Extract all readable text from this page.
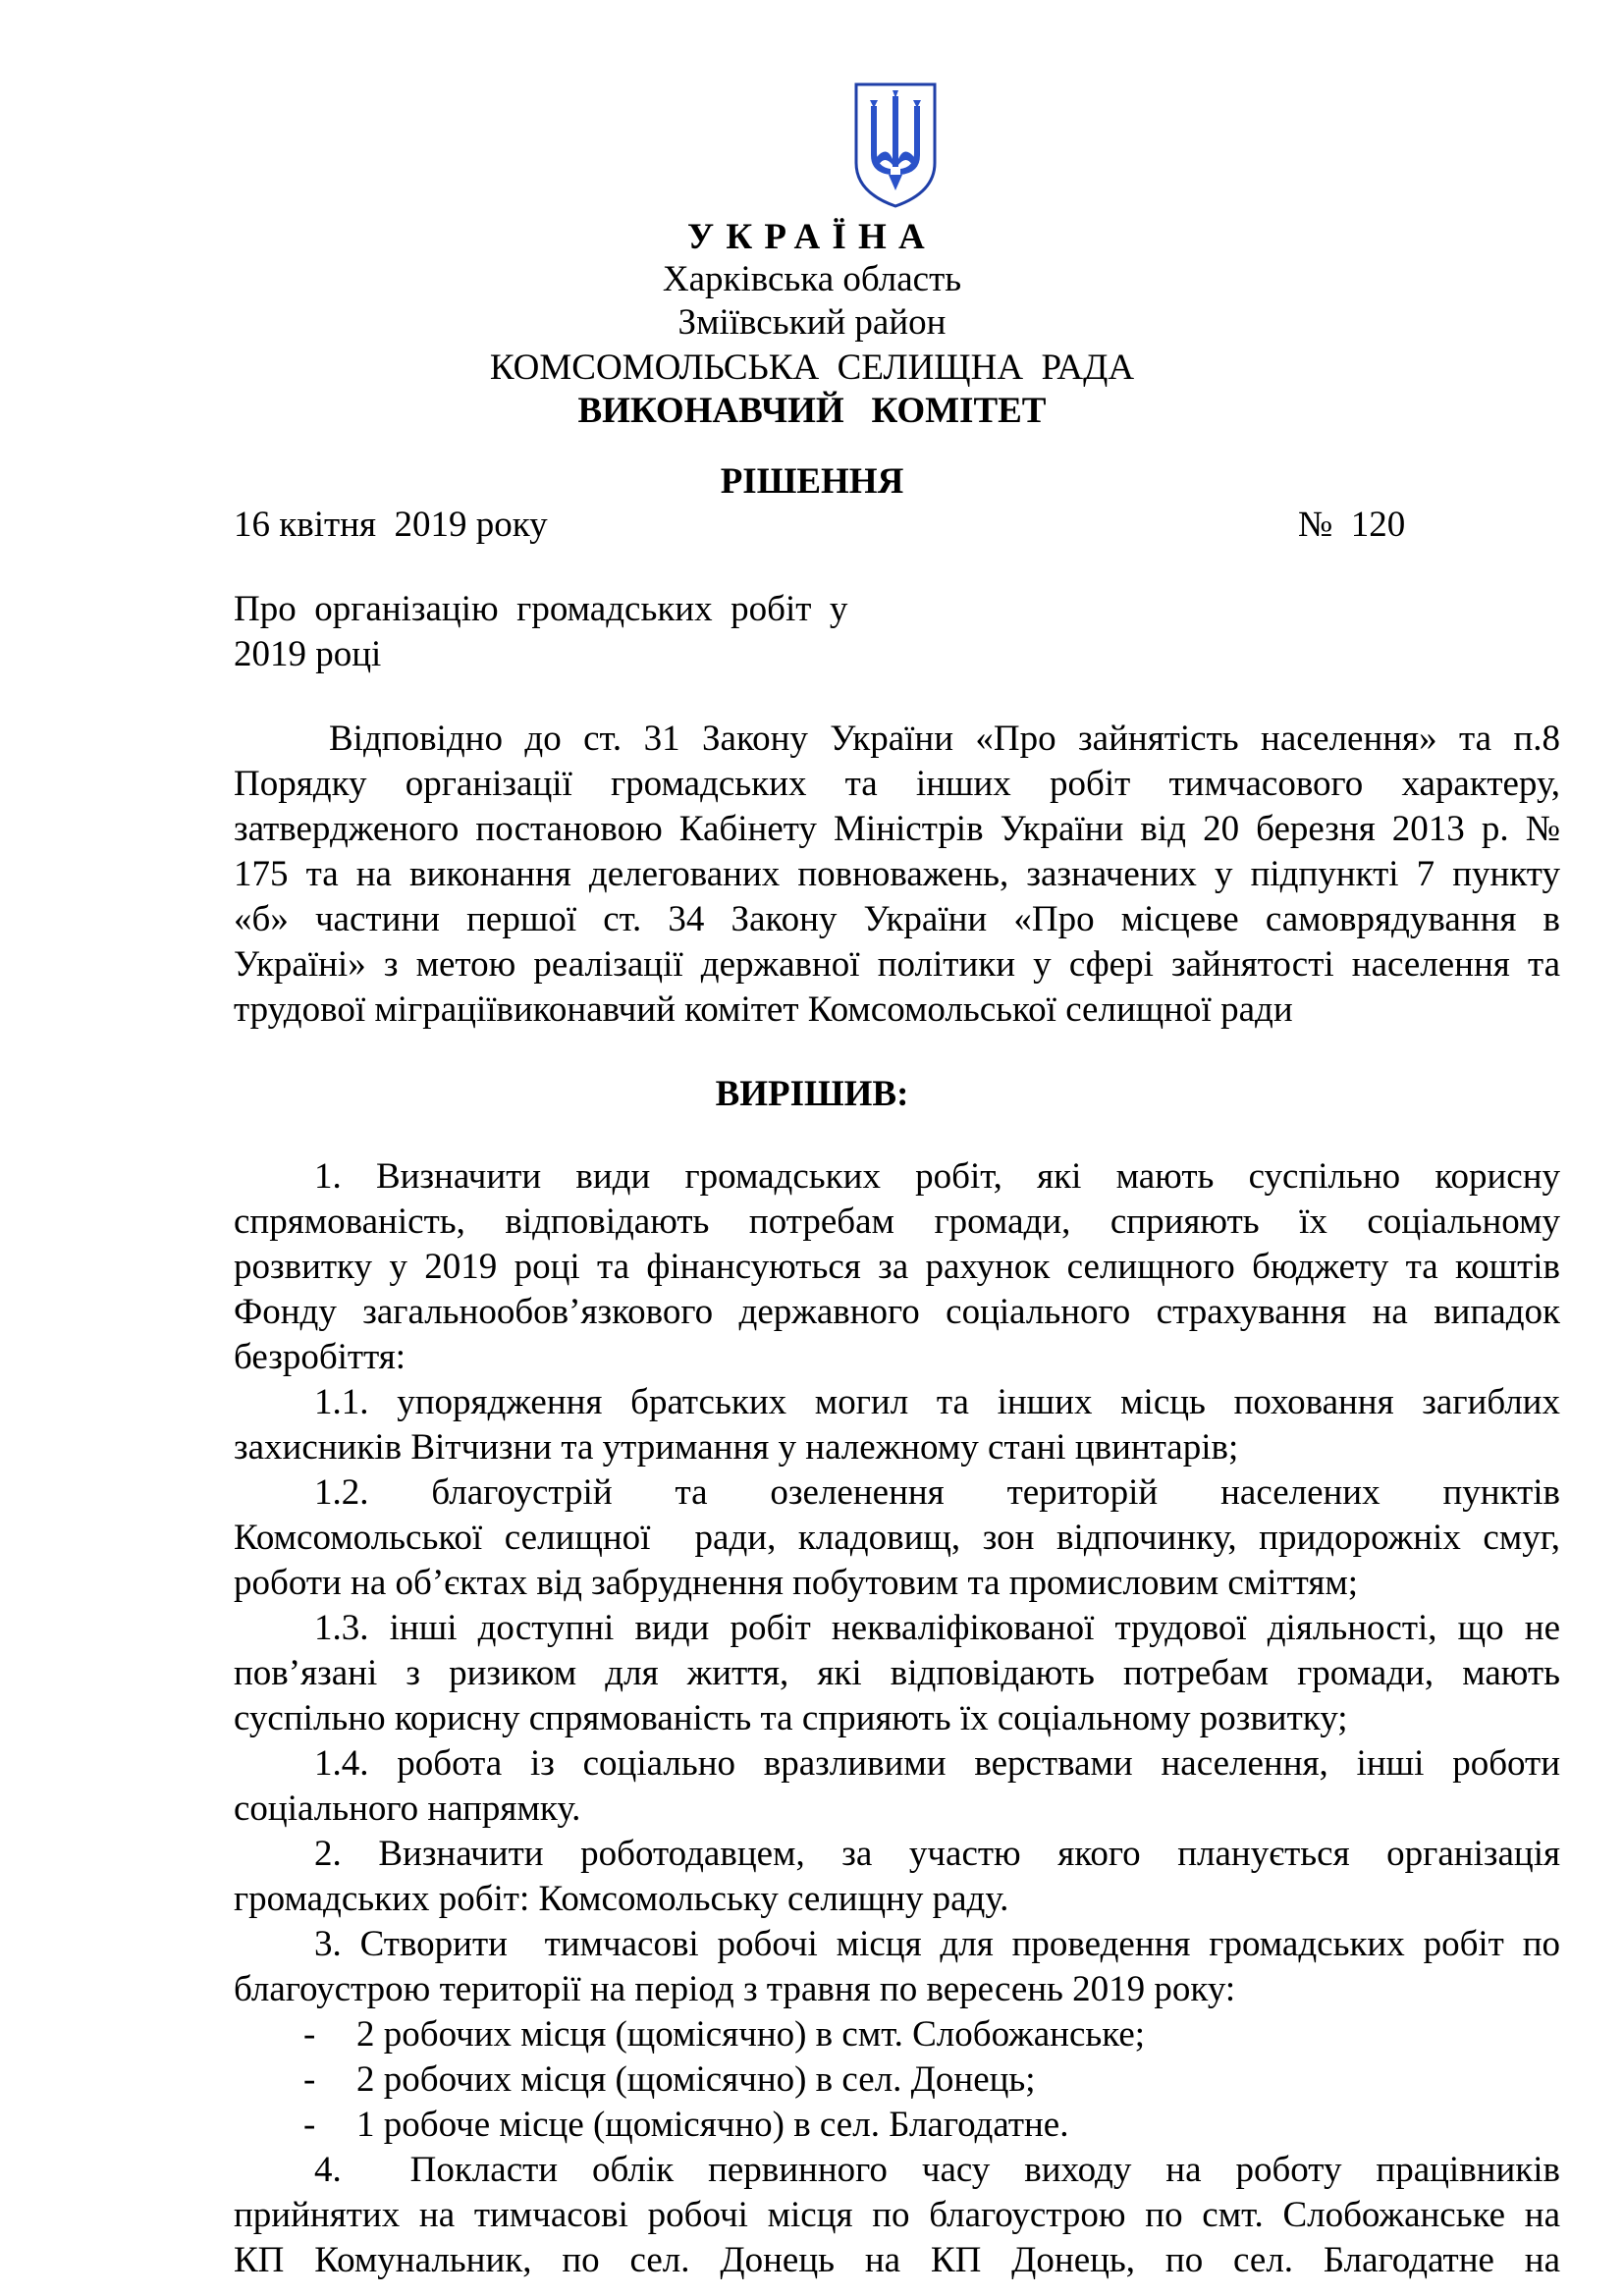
УКРАЇНА
Харківська область
Зміївський район
КОМСОМОЛЬСЬКА  СЕЛИЩНА  РАДА
ВИКОНАВЧИЙ   КОМІТЕТ
РІШЕННЯ
16 квітня  2019 року	№  120
Про  організацію  громадських  робіт  у
2019 році
Відповідно до ст. 31 Закону України «Про зайнятість населення» та п.8
Порядку організації громадських та інших робіт тимчасового характеру,
затвердженого постановою Кабінету Міністрів України від 20 березня 2013 р. №
175 та на виконання делегованих повноважень, зазначених у підпункті 7 пункту
«б» частини першої ст. 34 Закону України «Про місцеве самоврядування в
Україні» з метою реалізації державної політики у сфері зайнятості населення та
трудової міграціївиконавчий комітет Комсомольської селищної ради
ВИРІШИВ:
1. Визначити види громадських робіт, які мають суспільно корисну
спрямованість, відповідають потребам громади, сприяють їх соціальному
розвитку у 2019 році та фінансуються за рахунок селищного бюджету та коштів
Фонду загальнообов’язкового державного соціального страхування на випадок
безробіття:
1.1. упорядження братських могил та інших місць поховання загиблих
захисників Вітчизни та утримання у належному стані цвинтарів;
1.2. благоустрій та озеленення територій населених пунктів
Комсомольської селищної  ради, кладовищ, зон відпочинку, придорожніх смуг,
роботи на об’єктах від забруднення побутовим та промисловим сміттям;
1.3. інші доступні види робіт некваліфікованої трудової діяльності, що не
пов’язані з ризиком для життя, які відповідають потребам громади, мають
суспільно корисну спрямованість та сприяють їх соціальному розвитку;
1.4. робота із соціально вразливими верствами населення, інші роботи
соціального напрямку.
2. Визначити роботодавцем, за участю якого планується організація
громадських робіт: Комсомольську селищну раду.
3. Створити  тимчасові робочі місця для проведення громадських робіт по
благоустрою території на період з травня по вересень 2019 року:
- 2 робочих місця (щомісячно) в смт. Слобожанське;
- 2 робочих місця (щомісячно) в сел. Донець;
- 1 робоче місце (щомісячно) в сел. Благодатне.
4.  Покласти облік первинного часу виходу на роботу працівників
прийнятих на тимчасові робочі місця по благоустрою по смт. Слобожанське на
КП Комунальник, по сел. Донець на КП Донець, по сел. Благодатне на
